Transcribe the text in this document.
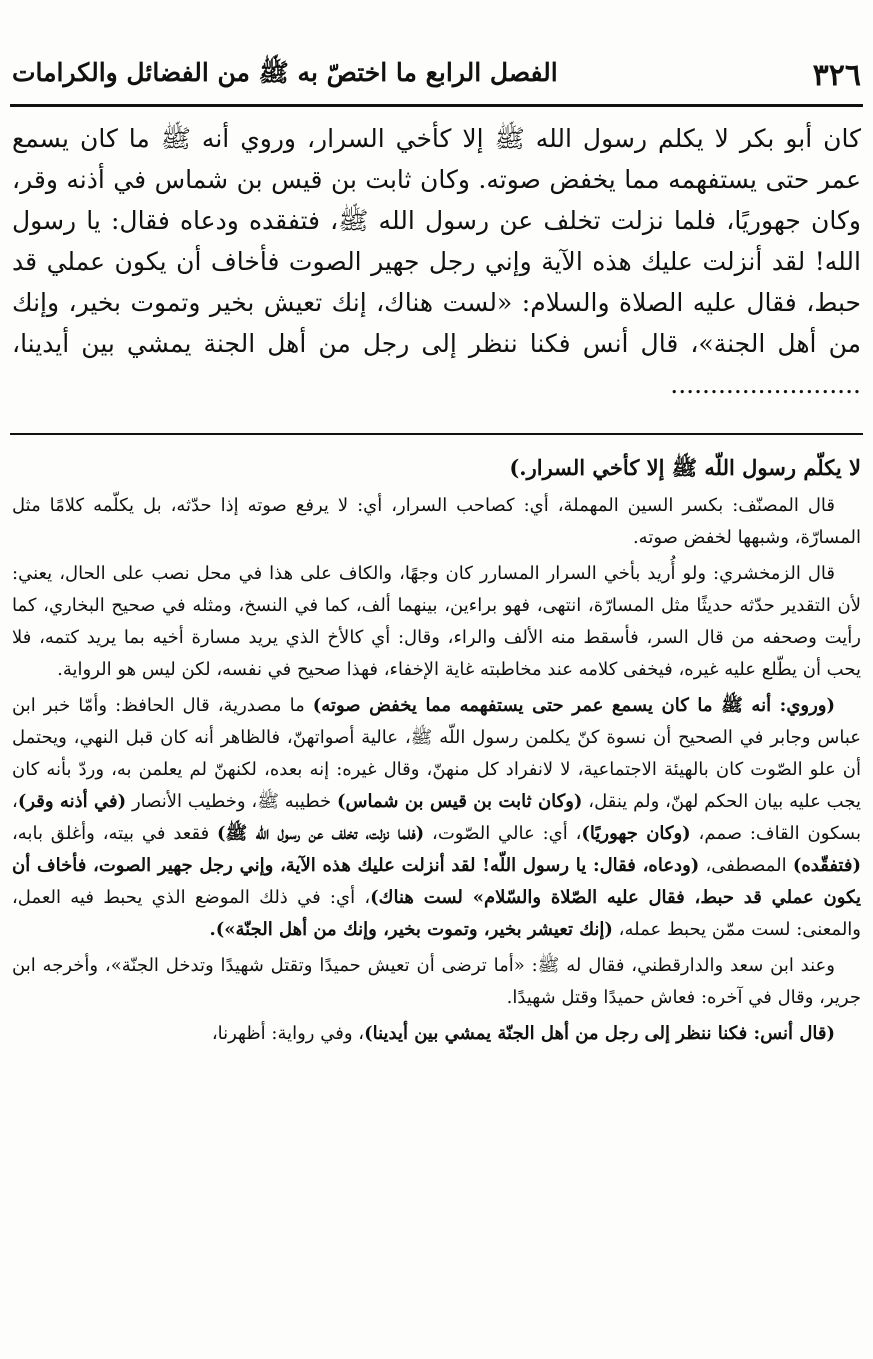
٣٢٦
الفصل الرابع ما اختصّ به ﷺ من الفضائل والكرامات

كان أبو بكر لا يكلم رسول الله ﷺ إلا كأخي السرار، وروي أنه ﷺ ما كان يسمع عمر حتى يستفهمه مما يخفض صوته. وكان ثابت بن قيس بن شماس في أذنه وقر، وكان جهوريًا، فلما نزلت تخلف عن رسول الله ﷺ، فتفقده ودعاه فقال: يا رسول الله! لقد أنزلت عليك هذه الآية وإني رجل جهير الصوت فأخاف أن يكون عملي قد حبط، فقال عليه الصلاة والسلام: «لست هناك، إنك تعيش بخير وتموت بخير، وإنك من أهل الجنة»، قال أنس فكنا ننظر إلى رجل من أهل الجنة يمشي بين أيدينا، ........................

لا يكلّم رسول اللّه ﷺ إلا كأخي السرار.)

قال المصنّف: بكسر السين المهملة، أي: كصاحب السرار، أي: لا يرفع صوته إذا حدّثه، بل يكلّمه كلامًا مثل المسارّة، وشبهها لخفض صوته.

قال الزمخشري: ولو أُريد بأخي السرار المسارر كان وجهًا، والكاف على هذا في محل نصب على الحال، يعني: لأن التقدير حدّثه حديثًا مثل المسارّة، انتهى، فهو براءين، بينهما ألف، كما في النسخ، ومثله في صحيح البخاري، كما رأيت وصحفه من قال السر، فأسقط منه الألف والراء، وقال: أي كالأخ الذي يريد مسارة أخيه بما يريد كتمه، فلا يحب أن يطّلع عليه غيره، فيخفى كلامه عند مخاطبته غاية الإخفاء، فهذا صحيح في نفسه، لكن ليس هو الرواية.

(وروي: أنه ﷺ ما كان يسمع عمر حتى يستفهمه مما يخفض صوته) ما مصدرية، قال الحافظ: وأمّا خبر ابن عباس وجابر في الصحيح أن نسوة كنّ يكلمن رسول اللّه ﷺ، عالية أصواتهنّ، فالظاهر أنه كان قبل النهي، ويحتمل أن علو الصّوت كان بالهيئة الاجتماعية، لا لانفراد كل منهنّ، وقال غيره: إنه بعده، لكنهنّ لم يعلمن به، وردّ بأنه كان يجب عليه بيان الحكم لهنّ، ولم ينقل، (وكان ثابت بن قيس بن شماس) خطيبه ﷺ، وخطيب الأنصار (في أذنه وقر)، بسكون القاف: صمم، (وكان جهوريًا)، أي: عالي الصّوت، (فلما نزلت، تخلف عن رسول اللّه ﷺ) فقعد في بيته، وأغلق بابه، (فتفقّده) المصطفى، (ودعاه، فقال: يا رسول اللّه! لقد أنزلت عليك هذه الآية، وإني رجل جهير الصوت، فأخاف أن يكون عملي قد حبط، فقال عليه الصّلاة والسّلام» لست هناك)، أي: في ذلك الموضع الذي يحبط فيه العمل، والمعنى: لست ممّن يحبط عمله، (إنك تعيشر بخير، وتموت بخير، وإنك من أهل الجنّة»).

وعند ابن سعد والدارقطني، فقال له ﷺ: «أما ترضى أن تعيش حميدًا وتقتل شهيدًا وتدخل الجنّة»، وأخرجه ابن جرير، وقال في آخره: فعاش حميدًا وقتل شهيدًا.

(قال أنس: فكنا ننظر إلى رجل من أهل الجنّة يمشي بين أيدينا)، وفي رواية: أظهرنا،
